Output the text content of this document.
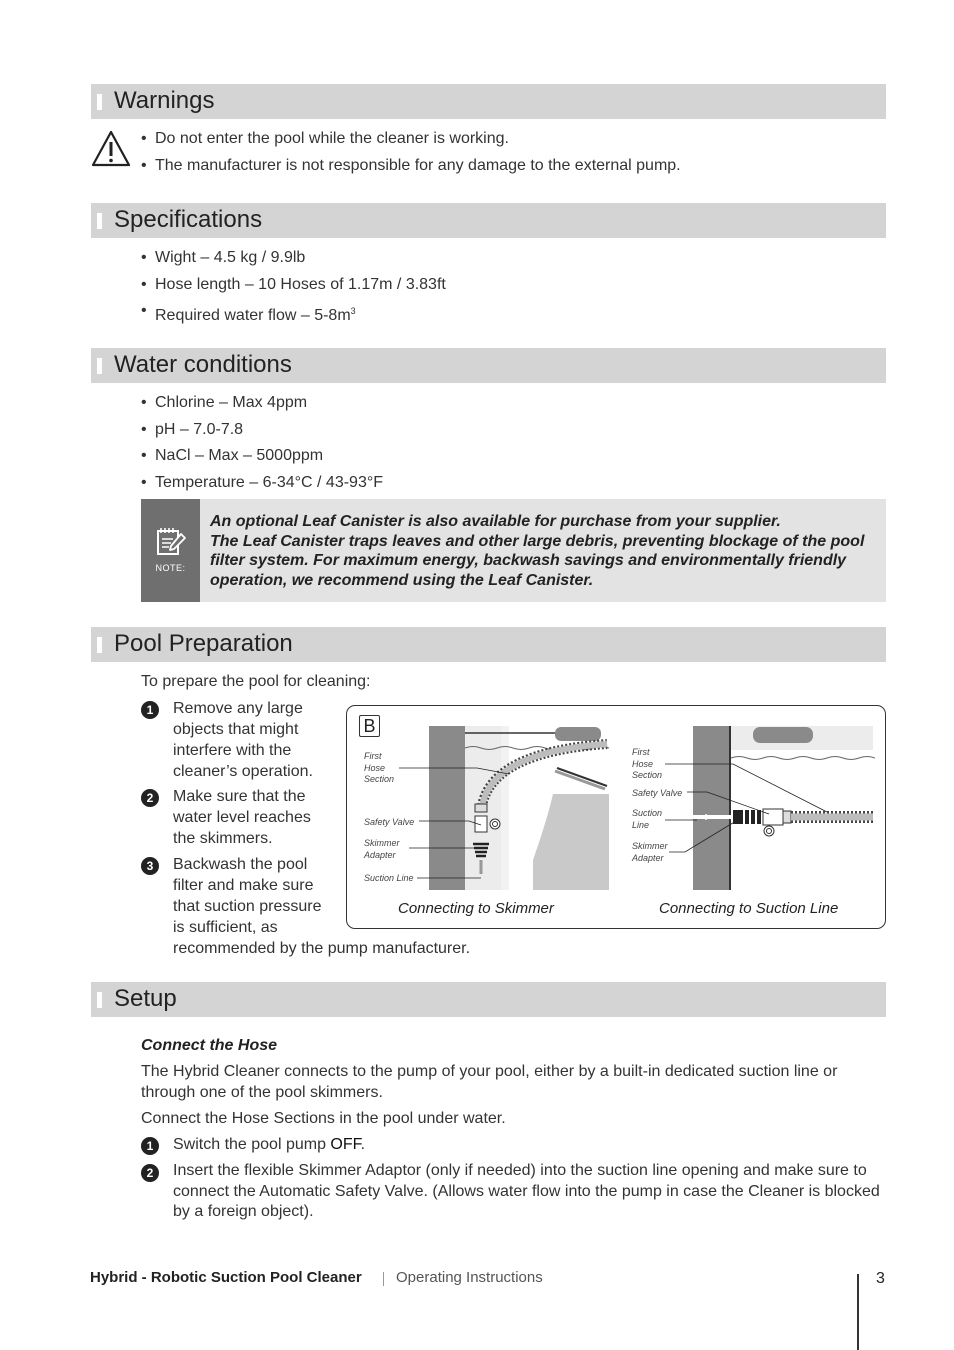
Warnings
• Do not enter the pool while the cleaner is working.
• The manufacturer is not responsible for any damage to the external pump.
Specifications
• Wight – 4.5 kg / 9.9lb
• Hose length – 10 Hoses of 1.17m / 3.83ft
• Required water flow – $5-8m^3$
Water conditions
• Chlorine – Max 4ppm
• pH – 7.0-7.8
• NaCl – Max – 5000ppm
• Temperature – 6-34°C / 43-93°F
NOTE:
An optional Leaf Canister is also available for purchase from your supplier.
The Leaf Canister traps leaves and other large debris, preventing blockage of the pool filter system. For maximum energy, backwash savings and environmentally friendly operation, we recommend using the Leaf Canister.
Pool Preparation
To prepare the pool for cleaning:
1	Remove any large objects that might interfere with the cleaner’s operation.
2	Make sure that the water level reaches the skimmers.
3	Backwash the pool filter and make sure that suction pressure is sufficient, as
recommended by the pump manufacturer.
B
First
Hose
Section
Safety Valve
Skimmer
Adapter
Suction Line
Connecting to Skimmer
First
Hose
Section
Safety Valve
Suction
Line
Skimmer
Adapter
Connecting to Suction Line
Setup
Connect the Hose
The Hybrid Cleaner connects to the pump of your pool, either by a built-in dedicated suction line or through one of the pool skimmers.
Connect the Hose Sections in the pool under water.
1	Switch the pool pump OFF.
2	Insert the flexible Skimmer Adaptor (only if needed) into the suction line opening and make sure to connect the Automatic Safety Valve. (Allows water flow into the pump in case the Cleaner is blocked by a foreign object).
Hybrid - Robotic Suction Pool Cleaner Operating Instructions	3
